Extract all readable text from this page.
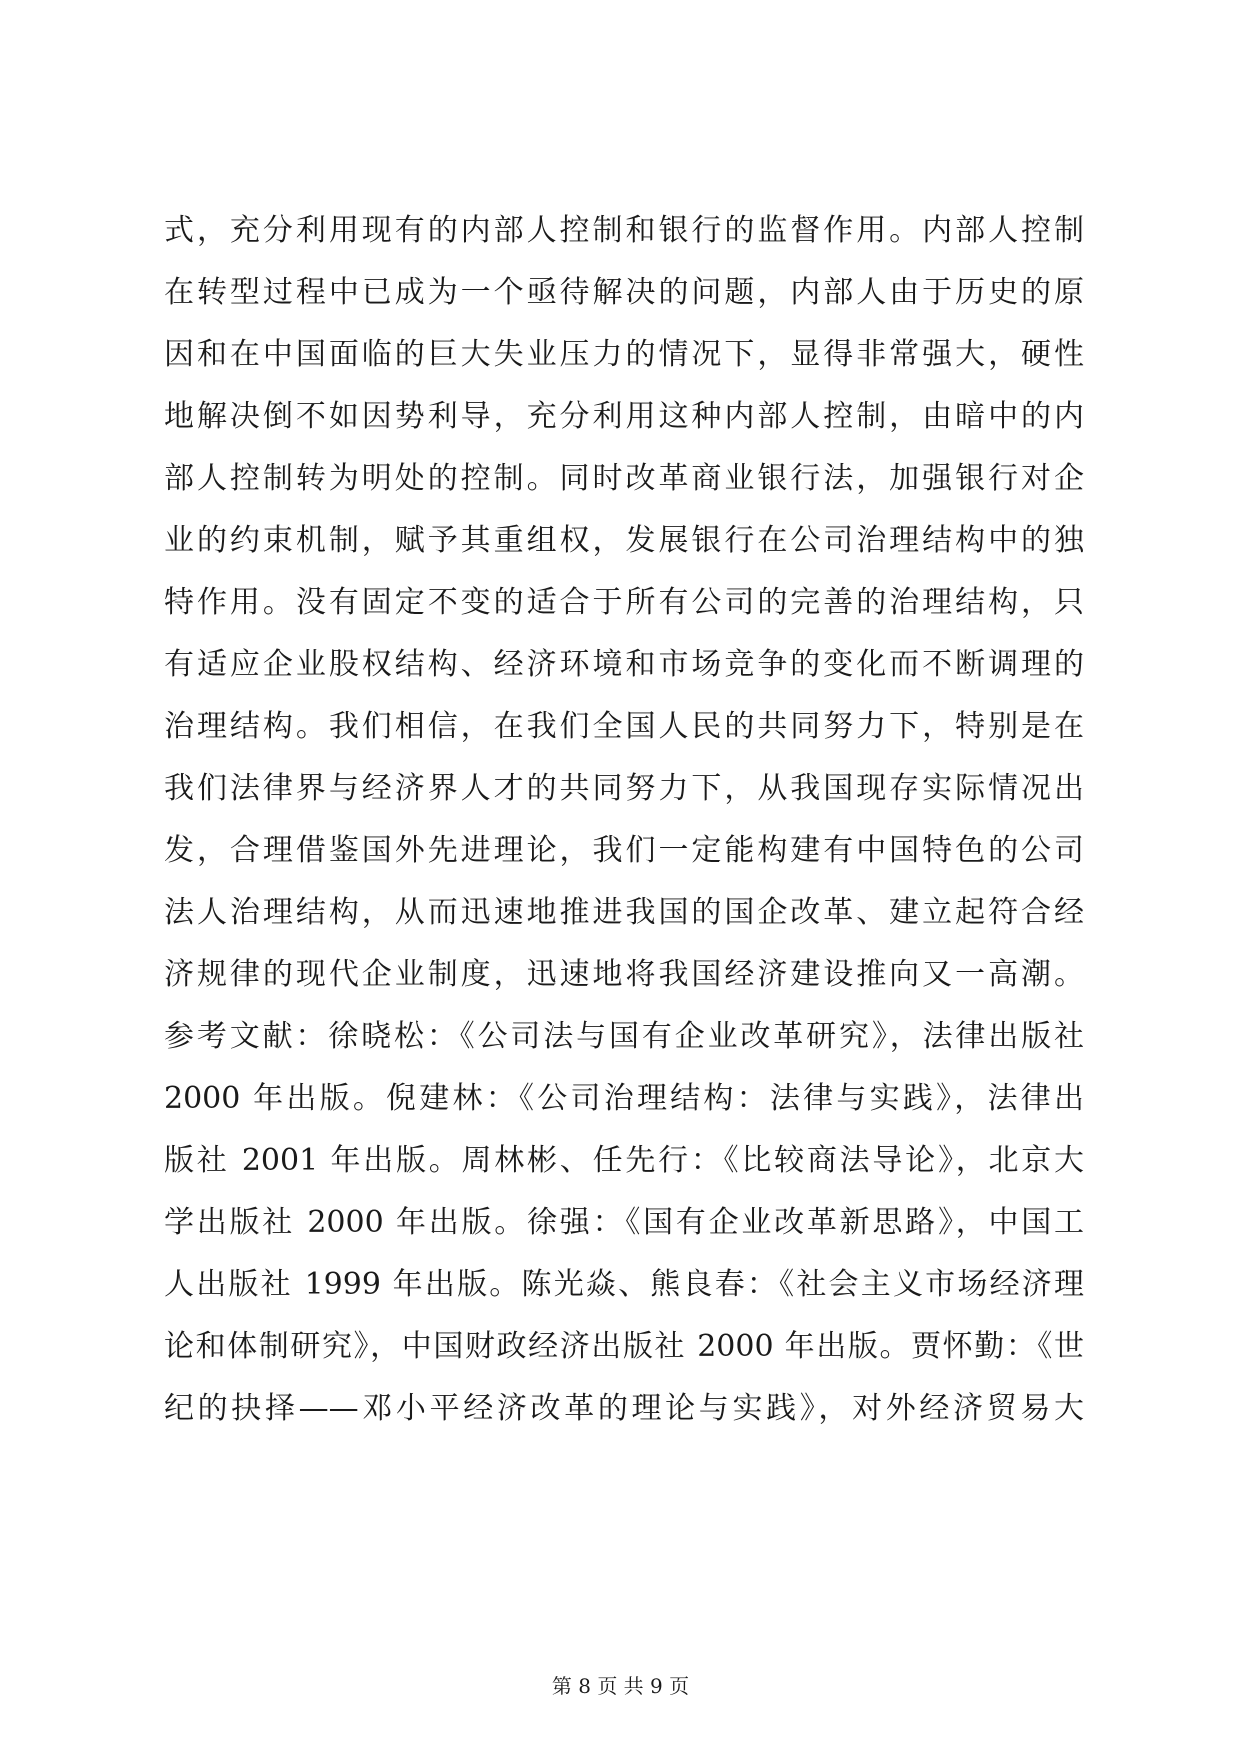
式，充分利用现有的内部人控制和银行的监督作用。内部人控制
在转型过程中已成为一个亟待解决的问题，内部人由于历史的原
因和在中国面临的巨大失业压力的情况下，显得非常强大，硬性
地解决倒不如因势利导，充分利用这种内部人控制，由暗中的内
部人控制转为明处的控制。同时改革商业银行法，加强银行对企
业的约束机制，赋予其重组权，发展银行在公司治理结构中的独
特作用。没有固定不变的适合于所有公司的完善的治理结构，只
有适应企业股权结构、经济环境和市场竞争的变化而不断调理的
治理结构。我们相信，在我们全国人民的共同努力下，特别是在
我们法律界与经济界人才的共同努力下，从我国现存实际情况出
发，合理借鉴国外先进理论，我们一定能构建有中国特色的公司
法人治理结构，从而迅速地推进我国的国企改革、建立起符合经
济规律的现代企业制度，迅速地将我国经济建设推向又一高潮。
参考文献：徐晓松：《公司法与国有企业改革研究》，法律出版社
2000 年出版。倪建林：《公司治理结构：法律与实践》，法律出
版社 2001 年出版。周林彬、任先行：《比较商法导论》，北京大
学出版社 2000 年出版。徐强：《国有企业改革新思路》，中国工
人出版社 1999 年出版。陈光焱、熊良春：《社会主义市场经济理
论和体制研究》，中国财政经济出版社 2000 年出版。贾怀勤：《世
纪的抉择——邓小平经济改革的理论与实践》，对外经济贸易大
第 8 页 共 9 页
